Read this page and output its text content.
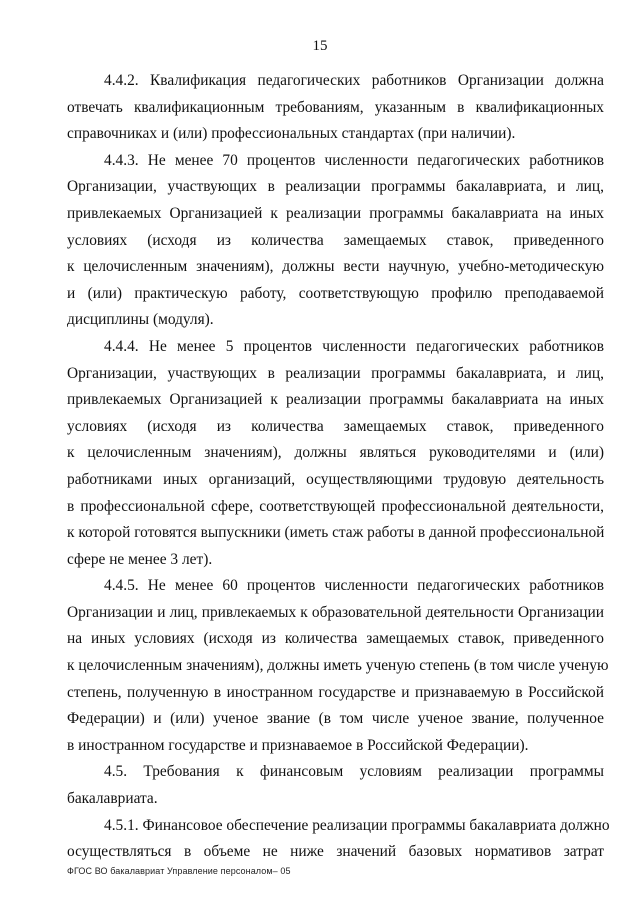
15

4.4.2. Квалификация педагогических работников Организации должна
отвечать квалификационным требованиям, указанным в квалификационных
справочниках и (или) профессиональных стандартах (при наличии).

4.4.3. Не менее 70 процентов численности педагогических работников
Организации, участвующих в реализации программы бакалавриата, и лиц,
привлекаемых Организацией к реализации программы бакалавриата на иных
условиях (исходя из количества замещаемых ставок, приведенного
к целочисленным значениям), должны вести научную, учебно-методическую
и (или) практическую работу, соответствующую профилю преподаваемой
дисциплины (модуля).

4.4.4. Не менее 5 процентов численности педагогических работников
Организации, участвующих в реализации программы бакалавриата, и лиц,
привлекаемых Организацией к реализации программы бакалавриата на иных
условиях (исходя из количества замещаемых ставок, приведенного
к целочисленным значениям), должны являться руководителями и (или)
работниками иных организаций, осуществляющими трудовую деятельность
в профессиональной сфере, соответствующей профессиональной деятельности,
к которой готовятся выпускники (иметь стаж работы в данной профессиональной
сфере не менее 3 лет).

4.4.5. Не менее 60 процентов численности педагогических работников
Организации и лиц, привлекаемых к образовательной деятельности Организации
на иных условиях (исходя из количества замещаемых ставок, приведенного
к целочисленным значениям), должны иметь ученую степень (в том числе ученую
степень, полученную в иностранном государстве и признаваемую в Российской
Федерации) и (или) ученое звание (в том числе ученое звание, полученное
в иностранном государстве и признаваемое в Российской Федерации).

4.5. Требования к финансовым условиям реализации программы
бакалавриата.

4.5.1. Финансовое обеспечение реализации программы бакалавриата должно
осуществляться в объеме не ниже значений базовых нормативов затрат

ФГОС ВО бакалавриат Управление персоналом– 05
